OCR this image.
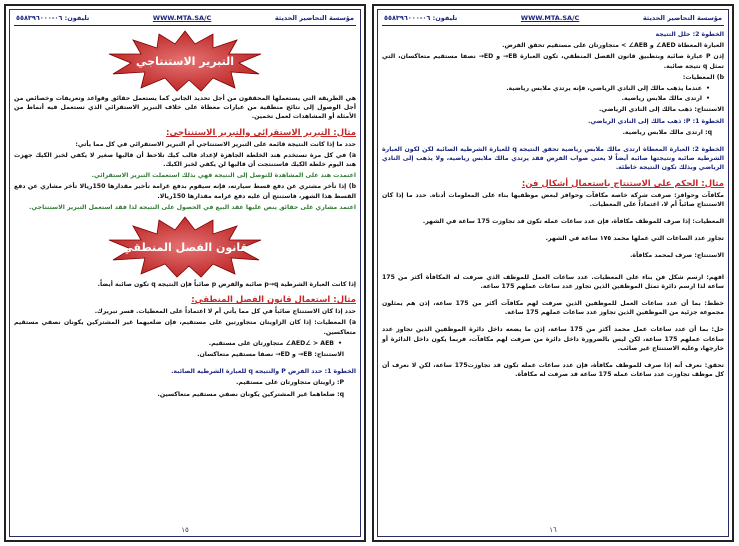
مؤسسة التحاضير الحديثة
WWW.MTA.SA/C
تليفون: ٠٦-٥٥٨٣٩٦٠٠٠
التبرير الاستنتاجي
هي الطريقة التي يستعملها المحققون من أجل تحديد الجاني كما يستعمل حقائق وقواعد وتعريفات وخصائص من أجل الوصول إلى نتائج منطقية من عبارات معطاة على خلاف التبرير الاستقرائي الذي تستعمل فيه أنماط من الأمثلة أو المشاهدات لعمل تخمين.
مثال: التبرير الاستقرائي والتبرير الاستنتاجي:
حدد ما إذا كانت النتيجة قائمة على التبرير الاستنتاجي أم التبرير الاستقرائي في كل مما يأتي:
a) في كل مرة تستخدم هند الخلطة الجاهزة لإعداد قالب كيك تلاحظ أن قالبها صغير لا يكفي لخبز الكيك جهزت هند اليوم خلطة الكيك فاستنتجت أن قالبها لن يكفي لخبز الكيك.
اعتمدت هند على المشاهدة للتوصل إلى النتيجة فهي بذلك استعملت التبرير الاستقرائي.
b) إذا تأخر مشتري عن دفع قسط سيارته، فإنه سيقوم بدفع غرامة تأخير مقدارها 150ريالا تأخر مشاري عن دفع القسط هذا الشهر، فاستنتج أن عليه دفع غرامة مقدارها 150ريالا.
اعتمد مشاري على حقائق ينص عليها عقد البيع في الحصول على النتيجة لذا فقد استعمل التبرير الاستنتاجي.
قانون الفصل المنطقي
إذا كانت العبارة الشرطية p→q صائبة والفرض p صائباً فإن النتيجة q تكون صائبة أيضاً.
مثال: استعمال قانون الفصل المنطقي:
حدد إذا كان الاستنتاج صائباً في كل مما يأتي أم لا اعتماداً على المعطيات. فسر تبريرك.
a) المعطيات: إذا كان الزاويتان متجاورتين على مستقيم، فإن ضلعيهما غير المشتركين يكونان نصفي مستقيم متعاكسين.
• AED∠ > AEB∠ متجاورتان على مستقيم.
الاستنتاج: EB→ و ED→ نصفا مستقيم متعاكسان.
الخطوة 1: حدد الفرض P والنتيجة q للعبارة الشرطية الصائبة.
P: زاويتان متجاورتان على مستقيم.
q: ضلعاهما غير المشتركين يكونان نصفي مستقيم متعاكسين.
١٥
مؤسسة التحاضير الحديثة
WWW.MTA.SA/C
تليفون: ٠٦-٥٥٨٣٩٦٠٠٠
الخطوة 2: حلل النتيجة
العبارة المعطاة AED∠ و AEB∠ > متجاورتان على مستقيم تحقق الفرض.
إذن P عبارة صائبة وبتطبيق قانون الفصل المنطقي، تكون العبارة EB→ و ED→ نصفا مستقيم متعاكسان، التي تمثل q نتيجة صائبة.
b) المعطيات:
• عندما يذهب مالك إلى النادي الرياضي، فإنه يرتدي ملابس رياضية.
• ارتدى مالك ملابس رياضية.
الاستنتاج: ذهب مالك إلى النادي الرياضي.
الخطوة 1: P: ذهب مالك إلى النادي الرياضي.
q: ارتدى مالك ملابس رياضية.
الخطوة 2: العبارة المعطاة ارتدى مالك ملابس رياضية تحقق النتيجة q للعبارة الشرطية الصائبة لكن لكون العبارة الشرطية صائبة ونتيجتها صائبة أيضاً لا يعني صواب الفرض فقد يرتدي مالك ملابس رياضية، ولا يذهب إلى النادي الرياضي وبذلك تكون النتيجة خاطئة.
مثال: الحكم على الاستنتاج باستعمال أشكال فن:
مكافآت وحوافز: صرفت شركة خاصة مكافآت وحوافز لبعض موظفيها بناء على المعلومات أدناه. حدد ما إذا كان الاستنتاج صائباً أم لا، اعتماداً على المعطيات.
المعطيات: إذا صرف للموظف مكافأة، فإن عدد ساعات عمله تكون قد تجاوزت 175 ساعة في الشهر.
تجاوز عدد الساعات التي عملها محمد ١٧٥ ساعة في الشهر.
الاستنتاج: صرف لمحمد مكافأة.
افهم: ارسم شكل فن بناء على المعطيات. عدد ساعات العمل للموظف الذي صرفت له المكافأة أكثر من 175 ساعة لذا ارسم دائرة تمثل الموظفين الذين تجاوز عدد ساعات عملهم 175 ساعة.
خطط: بما أن عدد ساعات العمل للموظفين الذين صرفت لهم مكافآت أكثر من 175 ساعة، إذن هم يمثلون مجموعة جزئية من الموظفين الذين تجاوز عدد ساعات عملهم 175 ساعة.
حل: بما أن عدد ساعات عمل محمد أكثر من 175 ساعة، إذن ما يضعه داخل دائرة الموظفين الذين تجاوز عدد ساعات عملهم 175 ساعة، لكن ليس بالضرورة داخل دائرة من صرفت لهم مكافآت، فربما يكون داخل الدائرة أو خارجها، وعليه الاستنتاج غير صائب.
تحقق: نعرف أنه إذا صرف للموظف مكافأة، فإن عدد ساعات عمله تكون قد تجاوزت175 ساعة، لكن لا نعرف أن كل موظف تجاوزت عدد ساعات عمله 175 ساعة قد صرفت له مكافأة.
١٦
